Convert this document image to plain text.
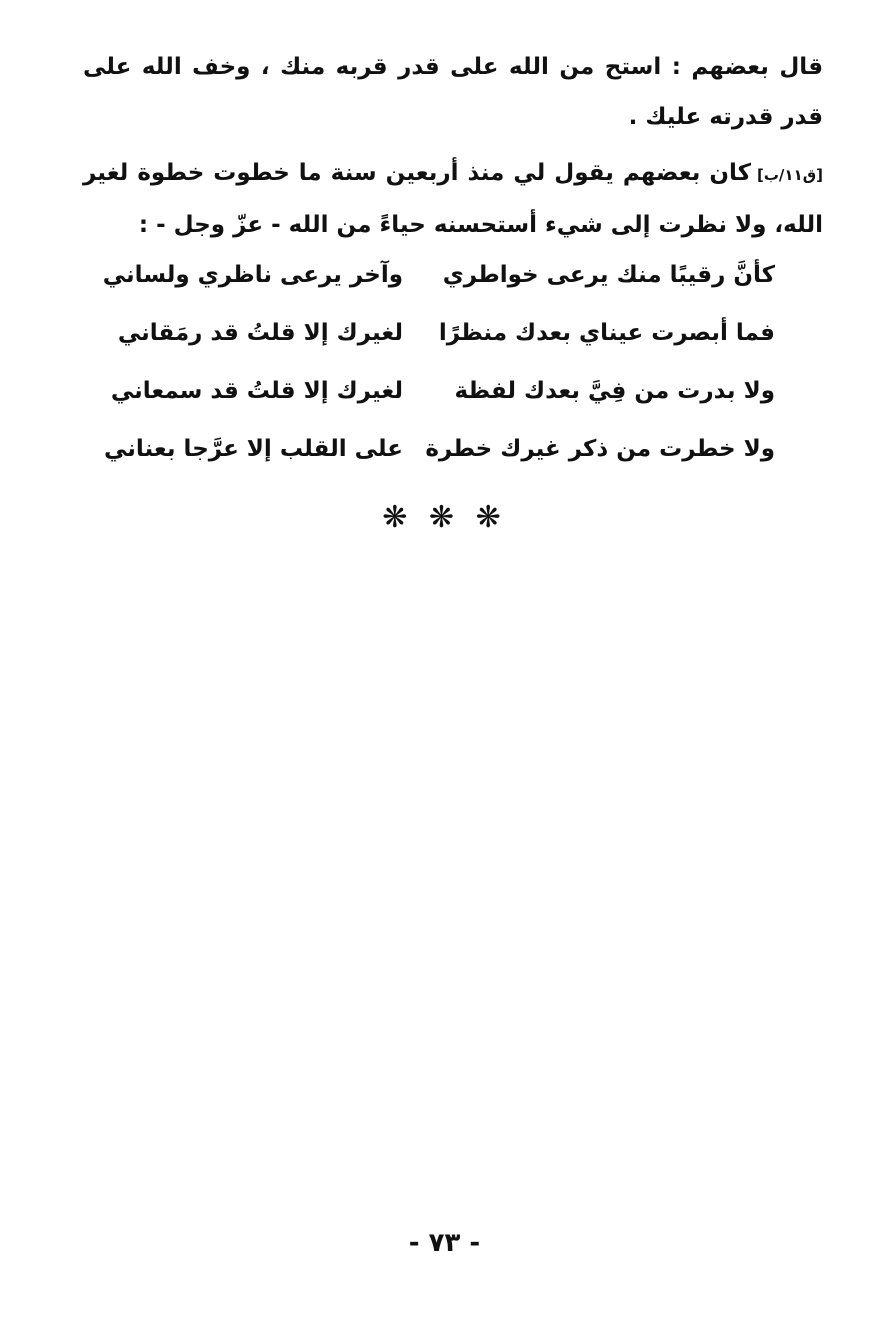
قال بعضهم : استح من الله على قدر قربه منك ، وخف الله على قدر قدرته عليك .

[ق١١/ب]كان بعضهم يقول لي منذ أربعين سنة ما خطوت خطوة لغير الله، ولا نظرت إلى شيء أستحسنه حياءً من الله - عزّ وجل - :

كأنَّ رقيبًا منك يرعى خواطري
وآخر يرعى ناظري ولساني
فما أبصرت عيناي بعدك منظرًا
لغيرك إلا قلتُ قد رمَقاني
ولا بدرت من فِيَّ بعدك لفظة
لغيرك إلا قلتُ قد سمعاني
ولا خطرت من ذكر غيرك خطرة
على القلب إلا عرَّجا بعناني
❋ ❋ ❋
- ٧٣ -
